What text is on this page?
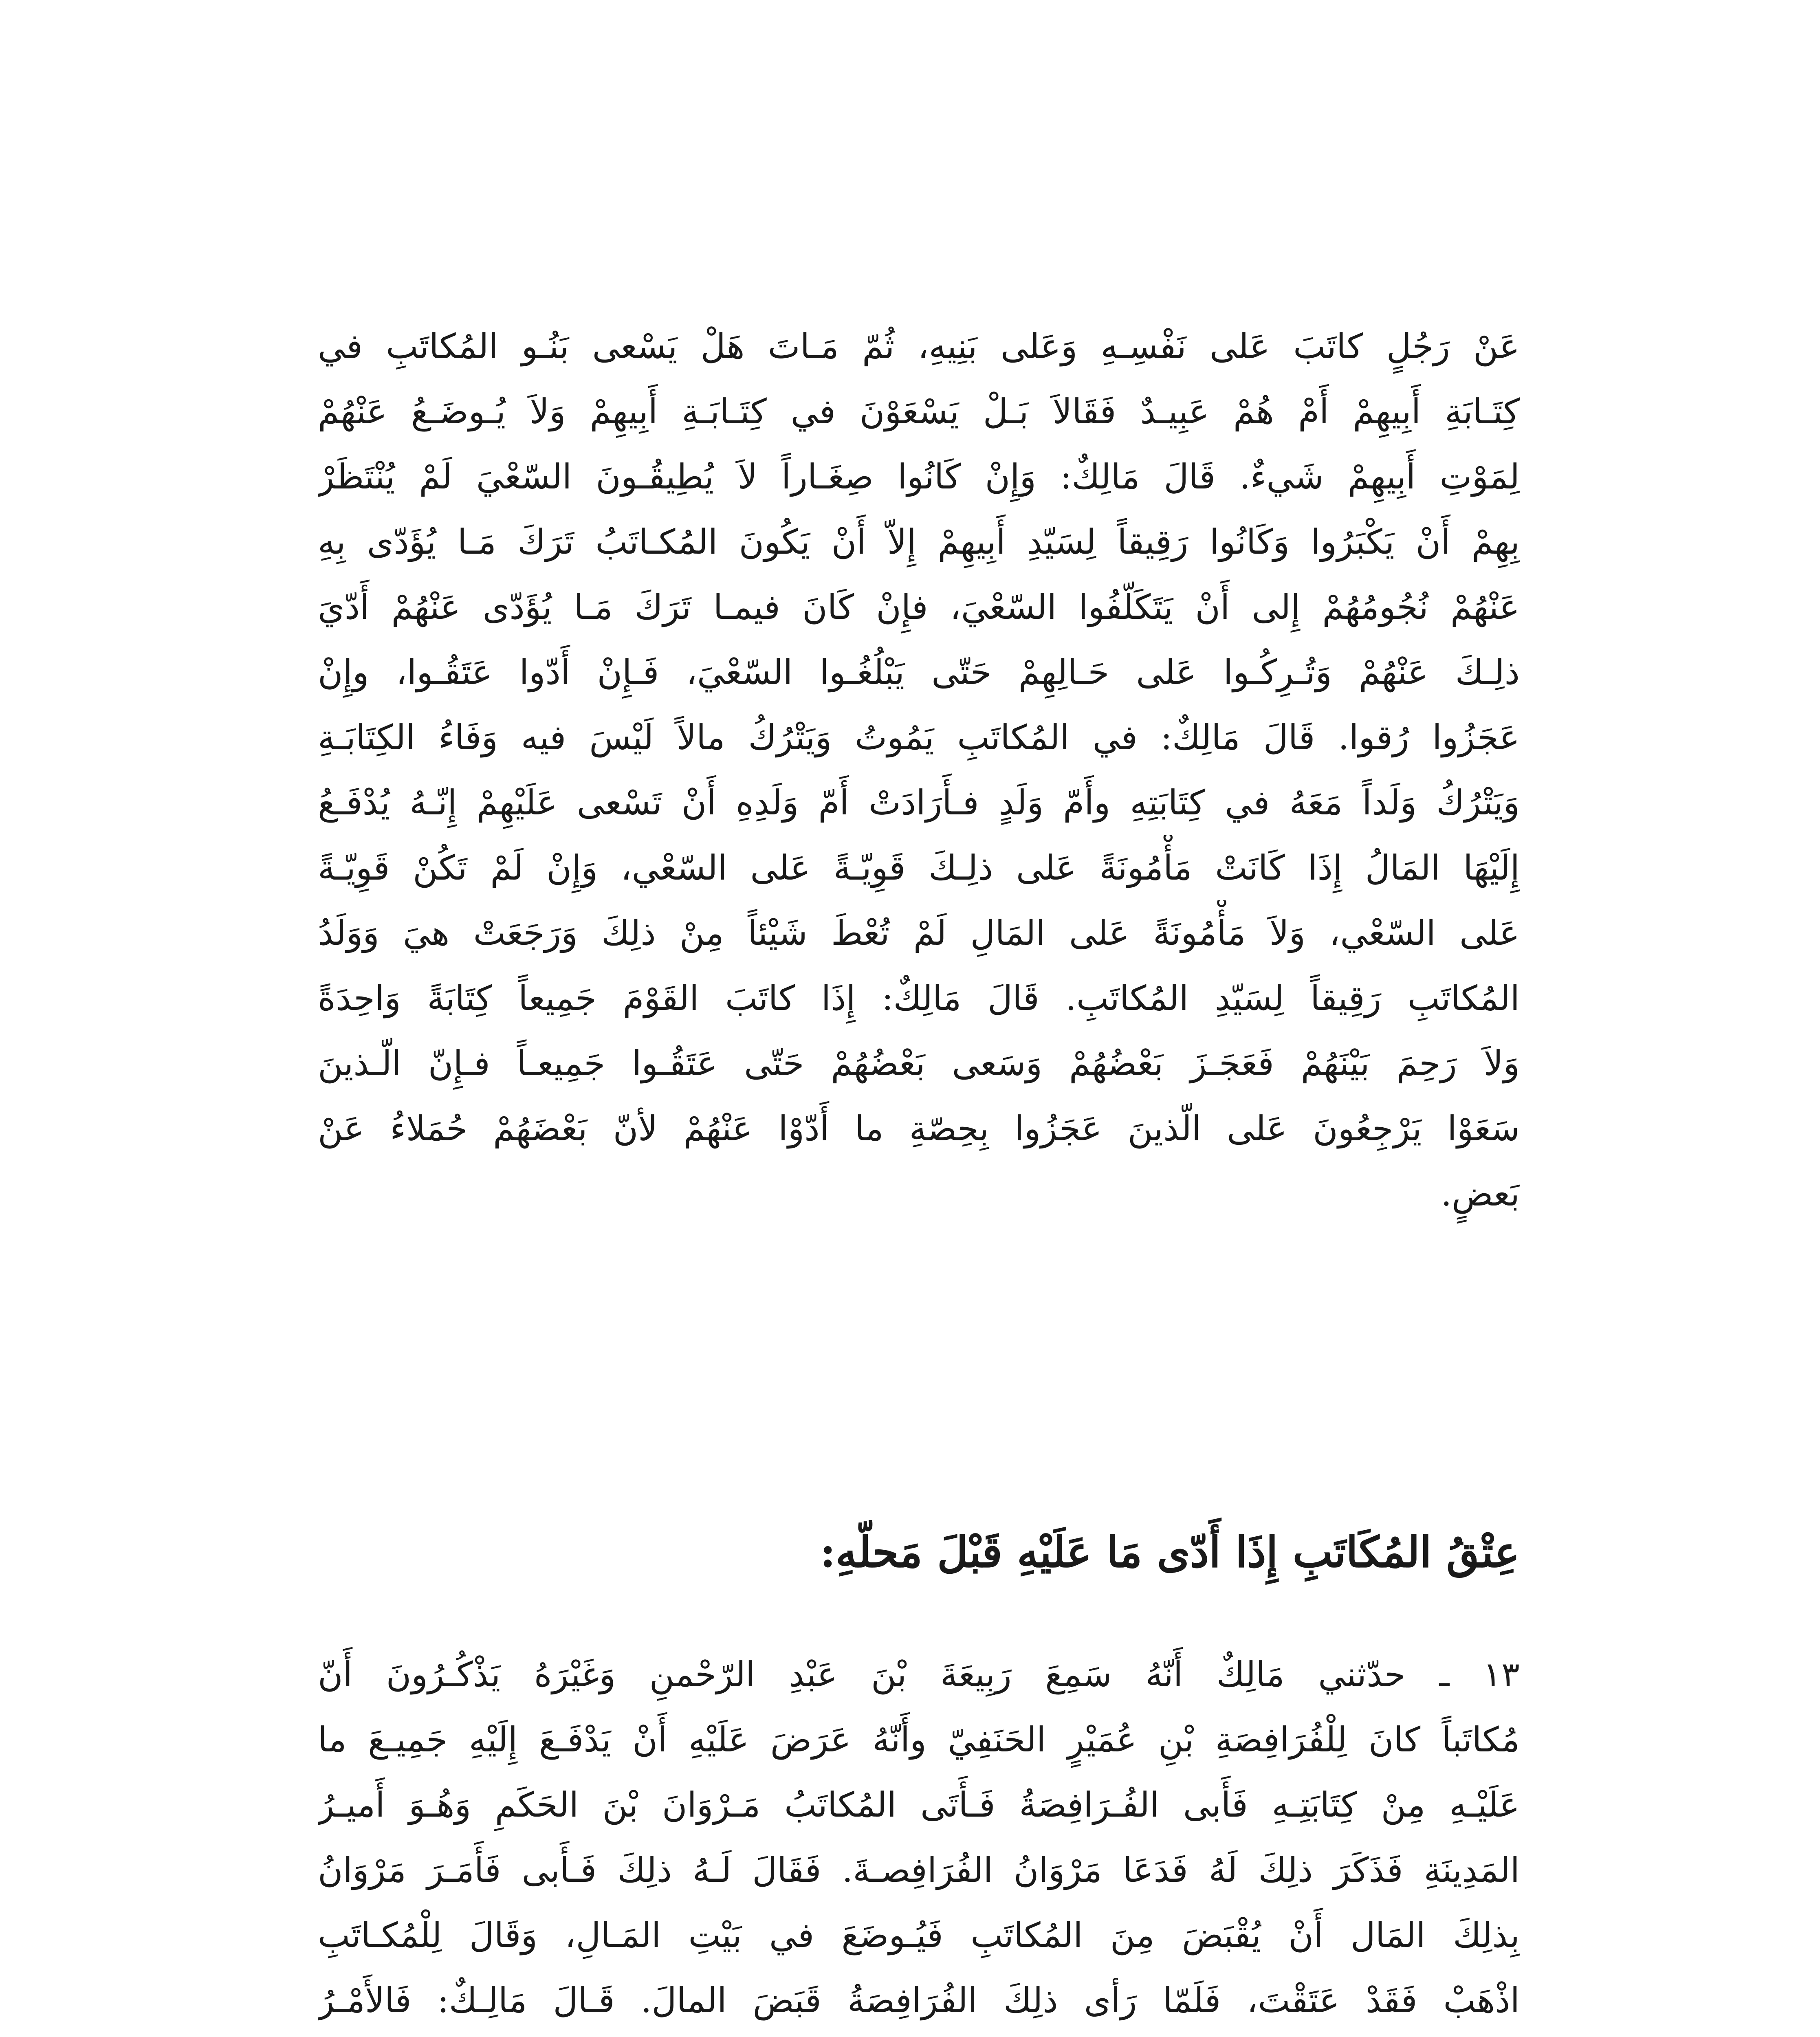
عَنْ رَجُلٍ كاتَبَ عَلى نَفْسِـهِ وَعَلى بَنِيهِ، ثُمّ مَـاتَ هَلْ يَسْعى بَنُـو المُكاتَبِ في
كِتَـابَةِ أَبِيهِمْ أَمْ هُمْ عَبِيـدٌ فَقَالاَ بَـلْ يَسْعَوْنَ في كِتَـابَـةِ أَبِيهِمْ وَلاَ يُـوضَـعُ عَنْهُمْ
لِمَوْتِ أَبِيهِمْ شَيءٌ. قَالَ مَالِكٌ: وَإِنْ كَانُوا صِغَـاراً لاَ يُطِيقُـونَ السّعْيَ لَمْ يُنْتَظَرْ
بِهِمْ أَنْ يَكْبَرُوا وَكَانُوا رَقِيقاً لِسَيّدِ أَبِيهِمْ إِلاّ أَنْ يَكُونَ المُكـاتَبُ تَرَكَ مَـا يُؤَدّى بِهِ
عَنْهُمْ نُجُومُهُمْ إِلى أَنْ يَتَكَلّفُوا السّعْيَ، فإِنْ كَانَ فيمـا تَرَكَ مَـا يُؤَدّى عَنْهُمْ أَدّيَ
ذلِـكَ عَنْهُمْ وَتُـرِكُـوا عَلى حَـالِهِمْ حَتّى يَبْلُغُـوا السّعْيَ، فَـإِنْ أَدّوا عَتَقُـوا، وإِنْ
عَجَزُوا رُقوا. قَالَ مَالِكٌ: في المُكاتَبِ يَمُوتُ وَيَتْرُكُ مالاً لَيْسَ فيه وَفَاءُ الكِتَابَـةِ
وَيَتْرُكُ وَلَداً مَعَهُ في كِتَابَتِهِ وأَمّ وَلَدٍ فـأَرَادَتْ أَمّ وَلَدِهِ أَنْ تَسْعى عَلَيْهِمْ إِنّـهُ يُدْفَـعُ
إِلَيْهَا المَالُ إِذَا كَانَتْ مَأْمُونَةً عَلى ذلِـكَ قَوِيّـةً عَلى السّعْي، وَإِنْ لَمْ تَكُنْ قَوِيّـةً
عَلى السّعْي، وَلاَ مَأْمُونَةً عَلى المَالِ لَمْ تُعْطَ شَيْئاً مِنْ ذلِكَ وَرَجَعَتْ هيَ وَوَلَدُ
المُكاتَبِ رَقِيقاً لِسَيّدِ المُكاتَبِ. قَالَ مَالِكٌ: إِذَا كاتَبَ القَوْمَ جَمِيعاً كِتَابَةً وَاحِدَةً
وَلاَ رَحِمَ بَيْنَهُمْ فَعَجَـزَ بَعْضُهُمْ وَسَعى بَعْضُهُمْ حَتّى عَتَقُـوا جَمِيعـاً فـإِنّ الّـذينَ
سَعَوْا يَرْجِعُونَ عَلى الّذينَ عَجَزُوا بِحِصّةِ ما أَدّوْا عَنْهُمْ لأنّ بَعْضَهُمْ حُمَلاءُ عَنْ
بَعضٍ.
عِتْقُ المُكَاتَبِ إِذَا أَدّى مَا عَلَيْهِ قَبْلَ مَحلّهِ:
١٣ ـ حدّثني مَالِكٌ أَنّهُ سَمِعَ رَبِيعَةَ بْنَ عَبْدِ الرّحْمنِ وَغَيْرَهُ يَذْكُـرُونَ أَنّ
مُكاتَباً كانَ لِلْفُرَافِصَةِ بْنِ عُمَيْرٍ الحَنَفِيّ وأَنّهُ عَرَضَ عَلَيْهِ أَنْ يَدْفَـعَ إِلَيْهِ جَمِيـعَ ما
عَلَيْـهِ مِنْ كِتَابَتِـهِ فَأَبى الفُـرَافِصَةُ فَـأَتَى المُكاتَبُ مَـرْوَانَ بْنَ الحَكَمِ وَهُـوَ أَميـرُ
المَدِينَةِ فَذَكَرَ ذلِكَ لَهُ فَدَعَا مَرْوَانُ الفُرَافِصـةَ. فَقَالَ لَـهُ ذلِكَ فَـأَبى فَأَمَـرَ مَرْوَانُ
بِذلِكَ المَال أَنْ يُقْبَضَ مِنَ المُكاتَبِ فَيُـوضَعَ في بَيْتِ المَـالِ، وَقَالَ لِلْمُكـاتَبِ
اذْهَبْ فَقَدْ عَتَقْتَ، فَلَمّا رَأى ذلِكَ الفُرَافِصَةُ قَبَضَ المالَ. قَـالَ مَالِـكٌ: فَالأَمْـرُ
